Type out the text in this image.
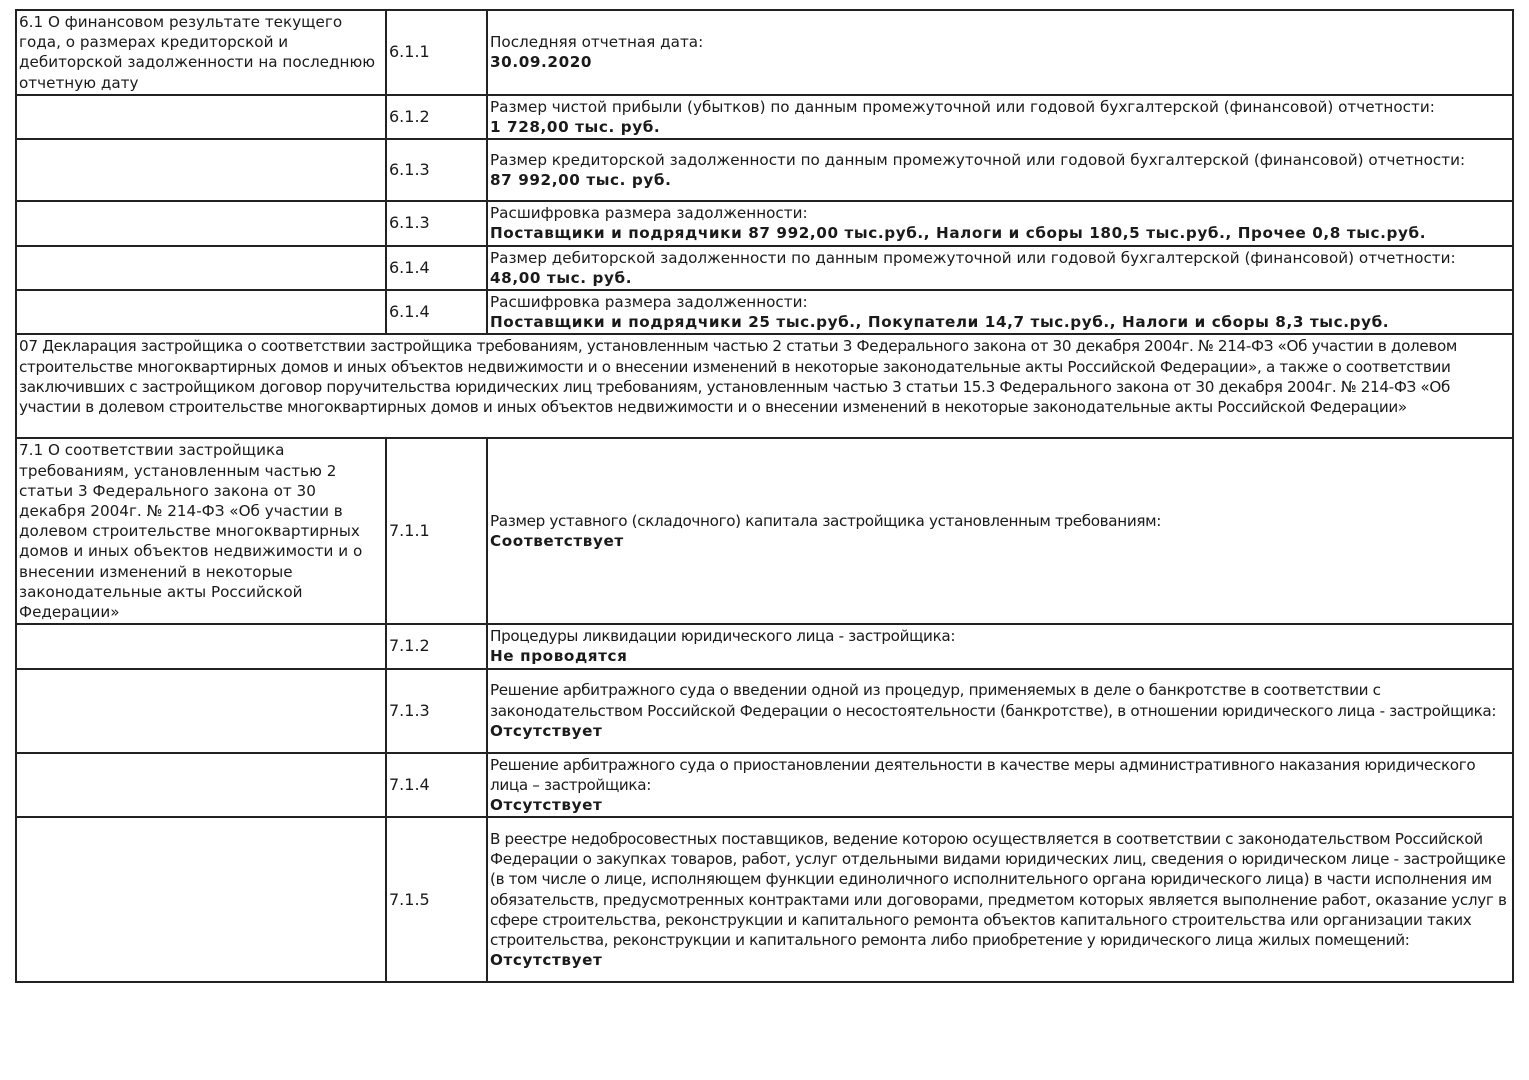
6.1 О финансовом результате текущего года, о размерах кредиторской и дебиторской задолженности на последнюю отчетную дату	6.1.1	Последняя отчетная дата:
30.09.2020

	6.1.2	Размер чистой прибыли (убытков) по данным промежуточной или годовой бухгалтерской (финансовой) отчетности:
1 728,00 тыс. руб.

	6.1.3	Размер кредиторской задолженности по данным промежуточной или годовой бухгалтерской (финансовой) отчетности:
87 992,00 тыс. руб.

	6.1.3	Расшифровка размера задолженности:
Поставщики и подрядчики 87 992,00 тыс.руб., Налоги и сборы 180,5 тыс.руб., Прочее 0,8 тыс.руб.

	6.1.4	Размер дебиторской задолженности по данным промежуточной или годовой бухгалтерской (финансовой) отчетности:
48,00 тыс. руб.

	6.1.4	Расшифровка размера задолженности:
Поставщики и подрядчики 25 тыс.руб., Покупатели 14,7 тыс.руб., Налоги и сборы 8,3 тыс.руб.

07 Декларация застройщика о соответствии застройщика требованиям, установленным частью 2 статьи 3 Федерального закона от 30 декабря 2004г. № 214-ФЗ «Об участии в долевом строительстве многоквартирных домов и иных объектов недвижимости и о внесении изменений в некоторые законодательные акты Российской Федерации», а также о соответствии заключивших с застройщиком договор поручительства юридических лиц требованиям, установленным частью 3 статьи 15.3 Федерального закона от 30 декабря 2004г. № 214-ФЗ «Об участии в долевом строительстве многоквартирных домов и иных объектов недвижимости и о внесении изменений в некоторые законодательные акты Российской Федерации»		
7.1 О соответствии застройщика требованиям, установленным частью 2 статьи 3 Федерального закона от 30 декабря 2004г. № 214-ФЗ «Об участии в долевом строительстве многоквартирных домов и иных объектов недвижимости и о внесении изменений в некоторые законодательные акты Российской Федерации»	7.1.1	Размер уставного (складочного) капитала застройщика установленным требованиям:
Соответствует

	7.1.2	Процедуры ликвидации юридического лица - застройщика:
Не проводятся

	7.1.3	Решение арбитражного суда о введении одной из процедур, применяемых в деле о банкротстве в соответствии с законодательством Российской Федерации о несостоятельности (банкротстве), в отношении юридического лица - застройщика:
Отсутствует

	7.1.4	Решение арбитражного суда о приостановлении деятельности в качестве меры административного наказания юридического лица – застройщика:
Отсутствует

	7.1.5	В реестре недобросовестных поставщиков, ведение которою осуществляется в соответствии с законодательством Российской Федерации о закупках товаров, работ, услуг отдельными видами юридических лиц, сведения о юридическом лице - застройщике (в том числе о лице, исполняющем функции единоличного исполнительного органа юридического лица) в части исполнения им обязательств, предусмотренных контрактами или договорами, предметом которых является выполнение работ, оказание услуг в сфере строительства, реконструкции и капитального ремонта объектов капитального строительства или организации таких строительства, реконструкции и капитального ремонта либо приобретение у юридического лица жилых помещений:
Отсутствует
